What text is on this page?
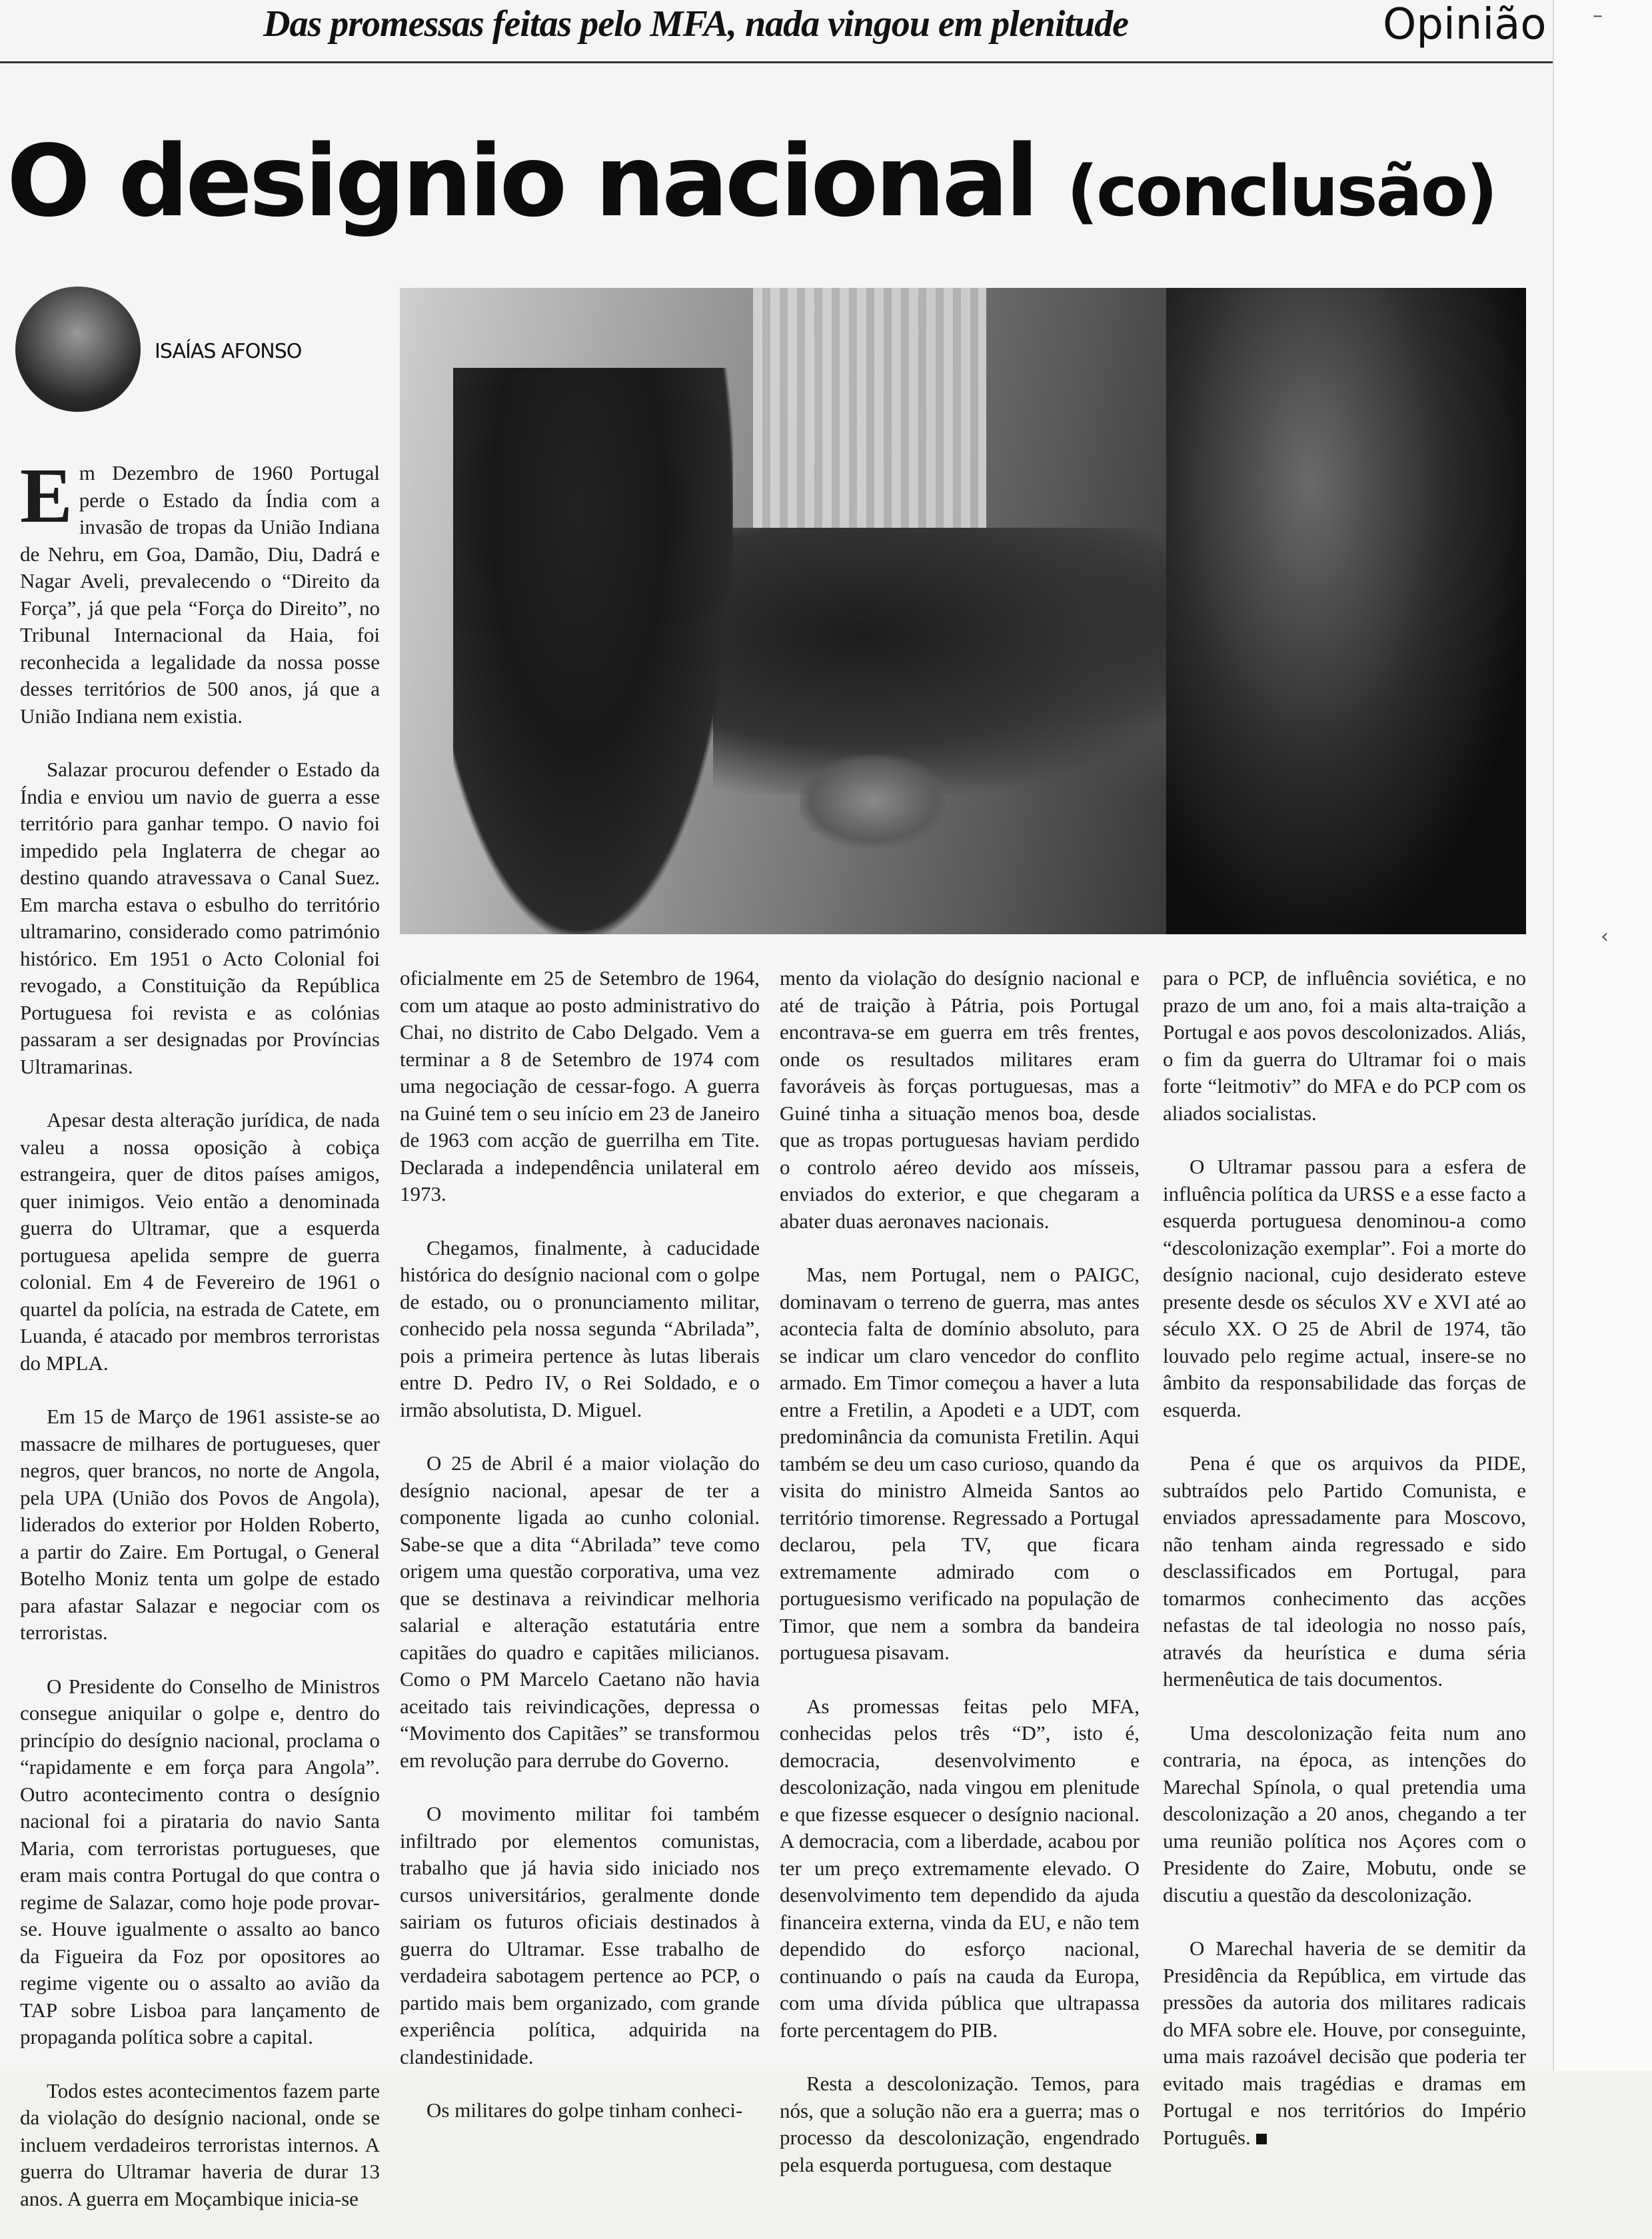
–
‹
Das promessas feitas pelo MFA, nada vingou em plenitude	Opinião
O designio nacional (conclusão)
ISAÍAS AFONSO

Em Dezembro de 1960 Portugal perde o Estado da Índia com a invasão de tropas da União Indiana de Nehru, em Goa, Damão, Diu, Dadrá e Nagar Aveli, prevalecendo o “Direito da Força”, já que pela “Força do Direito”, no Tribunal Internacional da Haia, foi reconhecida a legalidade da nossa posse desses territórios de 500 anos, já que a União Indiana nem existia.

Salazar procurou defender o Estado da Índia e enviou um navio de guerra a esse território para ganhar tempo. O navio foi impedido pela Inglaterra de chegar ao destino quando atravessava o Canal Suez. Em marcha estava o esbulho do território ultramarino, considerado como património histórico. Em 1951 o Acto Colonial foi revogado, a Constituição da República Portuguesa foi revista e as colónias passaram a ser designadas por Províncias Ultramarinas.

Apesar desta alteração jurídica, de nada valeu a nossa oposição à cobiça estrangeira, quer de ditos países amigos, quer inimigos. Veio então a denominada guerra do Ultramar, que a esquerda portuguesa apelida sempre de guerra colonial. Em 4 de Fevereiro de 1961 o quartel da polícia, na estrada de Catete, em Luanda, é atacado por membros terroristas do MPLA.

Em 15 de Março de 1961 assiste-se ao massacre de milhares de portugueses, quer negros, quer brancos, no norte de Angola, pela UPA (União dos Povos de Angola), liderados do exterior por Holden Roberto, a partir do Zaire. Em Portugal, o General Botelho Moniz tenta um golpe de estado para afastar Salazar e negociar com os terroristas.

O Presidente do Conselho de Ministros consegue aniquilar o golpe e, dentro do princípio do desígnio nacional, proclama o “rapidamente e em força para Angola”. Outro acontecimento contra o desígnio nacional foi a pirataria do navio Santa Maria, com terroristas portugueses, que eram mais contra Portugal do que contra o regime de Salazar, como hoje pode provar-se. Houve igualmente o assalto ao banco da Figueira da Foz por opositores ao regime vigente ou o assalto ao avião da TAP sobre Lisboa para lançamento de propaganda política sobre a capital.

Todos estes acontecimentos fazem parte da violação do desígnio nacional, onde se incluem verdadeiros terroristas internos. A guerra do Ultramar haveria de durar 13 anos. A guerra em Moçambique inicia-se

oficialmente em 25 de Setembro de 1964, com um ataque ao posto administrativo do Chai, no distrito de Cabo Delgado. Vem a terminar a 8 de Setembro de 1974 com uma negociação de cessar-fogo. A guerra na Guiné tem o seu início em 23 de Janeiro de 1963 com acção de guerrilha em Tite. Declarada a independência unilateral em 1973.

Chegamos, finalmente, à caducidade histórica do desígnio nacional com o golpe de estado, ou o pronunciamento militar, conhecido pela nossa segunda “Abrilada”, pois a primeira pertence às lutas liberais entre D. Pedro IV, o Rei Soldado, e o irmão absolutista, D. Miguel.

O 25 de Abril é a maior violação do desígnio nacional, apesar de ter a componente ligada ao cunho colonial. Sabe-se que a dita “Abrilada” teve como origem uma questão corporativa, uma vez que se destinava a reivindicar melhoria salarial e alteração estatutária entre capitães do quadro e capitães milicianos. Como o PM Marcelo Caetano não havia aceitado tais reivindicações, depressa o “Movimento dos Capitães” se transformou em revolução para derrube do Governo.

O movimento militar foi também infiltrado por elementos comunistas, trabalho que já havia sido iniciado nos cursos universitários, geralmente donde sairiam os futuros oficiais destinados à guerra do Ultramar. Esse trabalho de verdadeira sabotagem pertence ao PCP, o partido mais bem organizado, com grande experiência política, adquirida na clandestinidade.

Os militares do golpe tinham conheci-

mento da violação do desígnio nacional e até de traição à Pátria, pois Portugal encontrava-se em guerra em três frentes, onde os resultados militares eram favoráveis às forças portuguesas, mas a Guiné tinha a situação menos boa, desde que as tropas portuguesas haviam perdido o controlo aéreo devido aos mísseis, enviados do exterior, e que chegaram a abater duas aeronaves nacionais.

Mas, nem Portugal, nem o PAIGC, dominavam o terreno de guerra, mas antes acontecia falta de domínio absoluto, para se indicar um claro vencedor do conflito armado. Em Timor começou a haver a luta entre a Fretilin, a Apodeti e a UDT, com predominância da comunista Fretilin. Aqui também se deu um caso curioso, quando da visita do ministro Almeida Santos ao território timorense. Regressado a Portugal declarou, pela TV, que ficara extremamente admirado com o portuguesismo verificado na população de Timor, que nem a sombra da bandeira portuguesa pisavam.

As promessas feitas pelo MFA, conhecidas pelos três “D”, isto é, democracia, desenvolvimento e descolonização, nada vingou em plenitude e que fizesse esquecer o desígnio nacional. A democracia, com a liberdade, acabou por ter um preço extremamente elevado. O desenvolvimento tem dependido da ajuda financeira externa, vinda da EU, e não tem dependido do esforço nacional, continuando o país na cauda da Europa, com uma dívida pública que ultrapassa forte percentagem do PIB.

Resta a descolonização. Temos, para nós, que a solução não era a guerra; mas o processo da descolonização, engendrado pela esquerda portuguesa, com destaque

para o PCP, de influência soviética, e no prazo de um ano, foi a mais alta-traição a Portugal e aos povos descolonizados. Aliás, o fim da guerra do Ultramar foi o mais forte “leitmotiv” do MFA e do PCP com os aliados socialistas.

O Ultramar passou para a esfera de influência política da URSS e a esse facto a esquerda portuguesa denominou-a como “descolonização exemplar”. Foi a morte do desígnio nacional, cujo desiderato esteve presente desde os séculos XV e XVI até ao século XX. O 25 de Abril de 1974, tão louvado pelo regime actual, insere-se no âmbito da responsabilidade das forças de esquerda.

Pena é que os arquivos da PIDE, subtraídos pelo Partido Comunista, e enviados apressadamente para Moscovo, não tenham ainda regressado e sido desclassificados em Portugal, para tomarmos conhecimento das acções nefastas de tal ideologia no nosso país, através da heurística e duma séria hermenêutica de tais documentos.

Uma descolonização feita num ano contraria, na época, as intenções do Marechal Spínola, o qual pretendia uma descolonização a 20 anos, chegando a ter uma reunião política nos Açores com o Presidente do Zaire, Mobutu, onde se discutiu a questão da descolonização.

O Marechal haveria de se demitir da Presidência da República, em virtude das pressões da autoria dos militares radicais do MFA sobre ele. Houve, por conseguinte, uma mais razoável decisão que poderia ter evitado mais tragédias e dramas em Portugal e nos territórios do Império Português.
